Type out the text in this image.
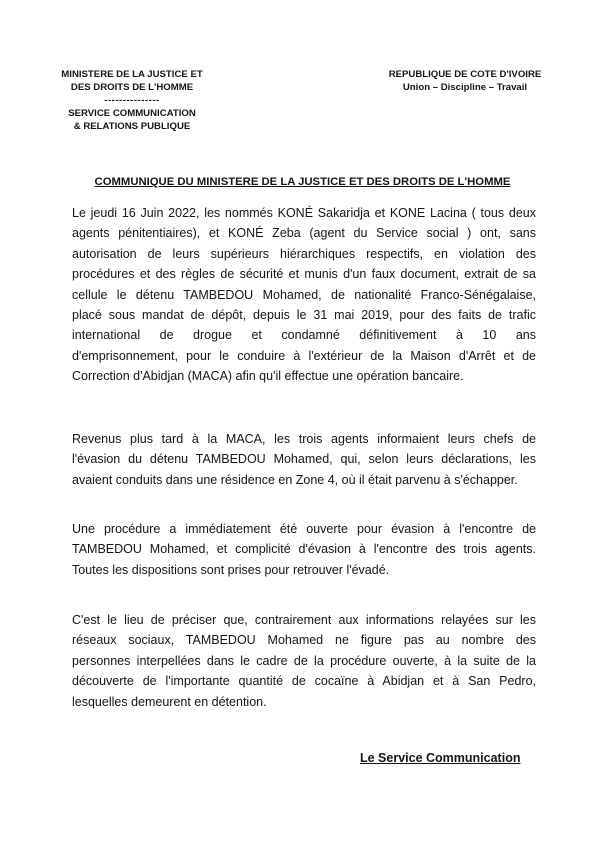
MINISTERE DE LA JUSTICE ET
DES DROITS DE L'HOMME
---------------
SERVICE COMMUNICATION
& RELATIONS PUBLIQUE
REPUBLIQUE DE COTE D'IVOIRE
Union – Discipline – Travail
COMMUNIQUE DU MINISTERE DE LA JUSTICE ET DES DROITS DE L'HOMME
Le jeudi 16 Juin 2022, les nommés KONÉ Sakaridja et KONE Lacina ( tous deux
agents pénitentiaires), et KONÉ Zeba (agent du Service social ) ont, sans
autorisation de leurs supérieurs hiérarchiques respectifs, en violation des
procédures et des règles de sécurité et munis d'un faux document, extrait de sa
cellule le détenu TAMBEDOU Mohamed, de nationalité Franco-Sénégalaise,
placé sous mandat de dépôt, depuis le 31 mai 2019, pour des faits de trafic
international de drogue et condamné définitivement à 10 ans
d'emprisonnement, pour le conduire à l'extérieur de la Maison d'Arrêt et de
Correction d'Abidjan (MACA) afin qu'il effectue une opération bancaire.
Revenus plus tard à la MACA, les trois agents informaient leurs chefs de
l'évasion du détenu TAMBEDOU Mohamed, qui, selon leurs déclarations, les
avaient conduits dans une résidence en Zone 4, où il était parvenu à s'échapper.
Une procédure a immédiatement été ouverte pour évasion à l'encontre de
TAMBEDOU Mohamed, et complicité d'évasion à l'encontre des trois agents.
Toutes les dispositions sont prises pour retrouver l'évadé.
C'est le lieu de préciser que, contrairement aux informations relayées sur les
réseaux sociaux, TAMBEDOU Mohamed ne figure pas au nombre des
personnes interpellées dans le cadre de la procédure ouverte, à la suite de la
découverte de l'importante quantité de cocaïne à Abidjan et à San Pedro,
lesquelles demeurent en détention.
Le Service Communication
